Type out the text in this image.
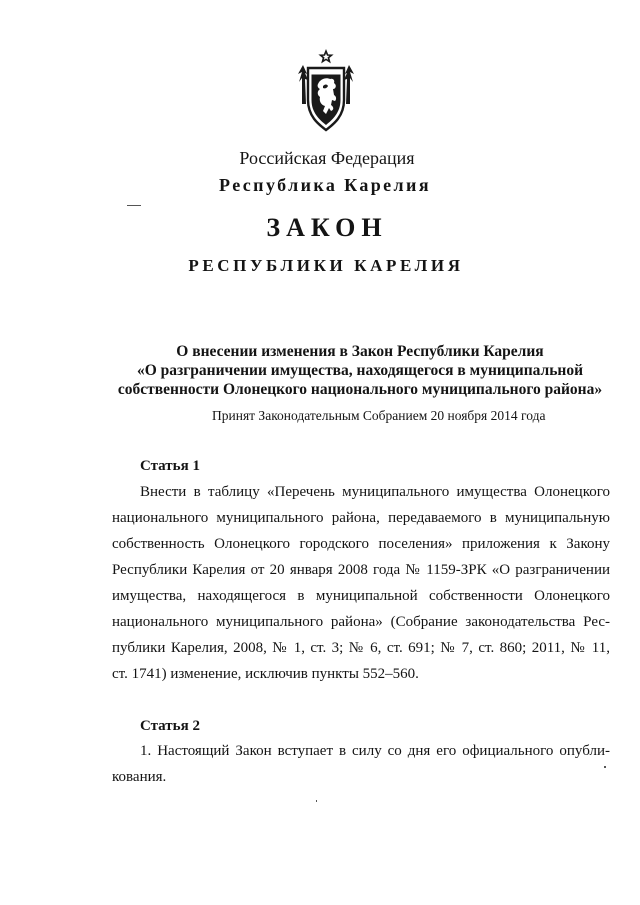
Российская Федерация
Республика Карелия
ЗАКОН
РЕСПУБЛИКИ КАРЕЛИЯ
О внесении изменения в Закон Республики Карелия
«О разграничении имущества, находящегося в муниципальной
собственности Олонецкого национального муниципального района»
Принят Законодательным Собранием 20 ноября 2014 года
Статья 1
Внести в таблицу «Перечень муниципального имущества Олонецкого
национального муниципального района, передаваемого в муниципальную
собственность Олонецкого городского поселения» приложения к Закону
Республики Карелия от 20 января 2008 года № 1159-ЗРК «О разграничении
имущества, находящегося в муниципальной собственности Олонецкого
национального муниципального района» (Собрание законодательства Рес-
публики Карелия, 2008, № 1, ст. 3; № 6, ст. 691; № 7, ст. 860; 2011, № 11,
ст. 1741) изменение, исключив пункты 552–560.
Статья 2
1. Настоящий Закон вступает в силу со дня его официального опубли-
кования.
